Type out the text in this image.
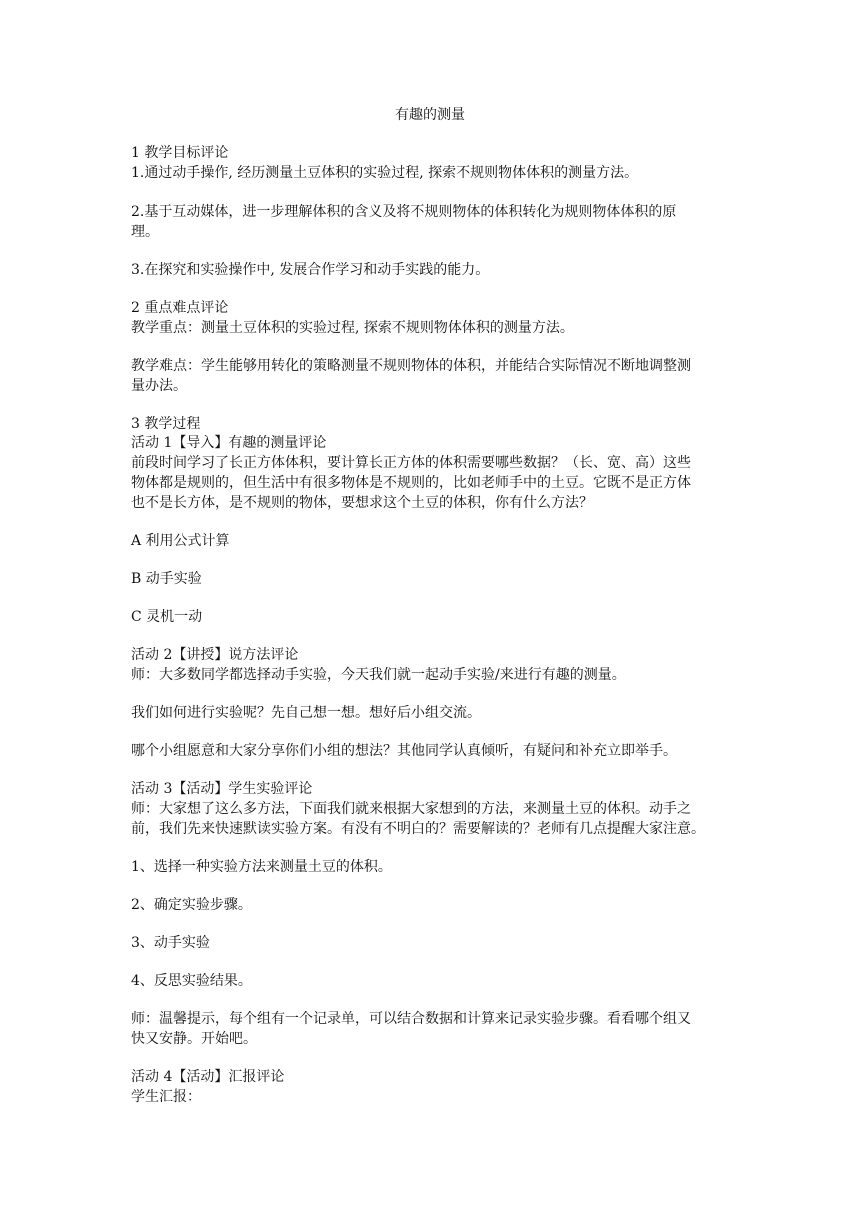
有趣的测量
1 教学目标评论
1.通过动手操作, 经历测量土豆体积的实验过程, 探索不规则物体体积的测量方法。
2.基于互动媒体，进一步理解体积的含义及将不规则物体的体积转化为规则物体体积的原
理。
3.在探究和实验操作中, 发展合作学习和动手实践的能力。
2 重点难点评论
教学重点：测量土豆体积的实验过程, 探索不规则物体体积的测量方法。
教学难点：学生能够用转化的策略测量不规则物体的体积，并能结合实际情况不断地调整测
量办法。
3 教学过程
活动 1【导入】有趣的测量评论
前段时间学习了长正方体体积，要计算长正方体的体积需要哪些数据？（长、宽、高）这些
物体都是规则的，但生活中有很多物体是不规则的，比如老师手中的土豆。它既不是正方体
也不是长方体，是不规则的物体，要想求这个土豆的体积，你有什么方法？
A 利用公式计算
B 动手实验
C 灵机一动
活动 2【讲授】说方法评论
师：大多数同学都选择动手实验，今天我们就一起动手实验/来进行有趣的测量。
我们如何进行实验呢？先自己想一想。想好后小组交流。
哪个小组愿意和大家分享你们小组的想法？其他同学认真倾听，有疑问和补充立即举手。
活动 3【活动】学生实验评论
师：大家想了这么多方法，下面我们就来根据大家想到的方法，来测量土豆的体积。动手之
前，我们先来快速默读实验方案。有没有不明白的？需要解读的？老师有几点提醒大家注意。
1、选择一种实验方法来测量土豆的体积。
2、确定实验步骤。
3、动手实验
4、反思实验结果。
师：温馨提示，每个组有一个记录单，可以结合数据和计算来记录实验步骤。看看哪个组又
快又安静。开始吧。
活动 4【活动】汇报评论
学生汇报：
